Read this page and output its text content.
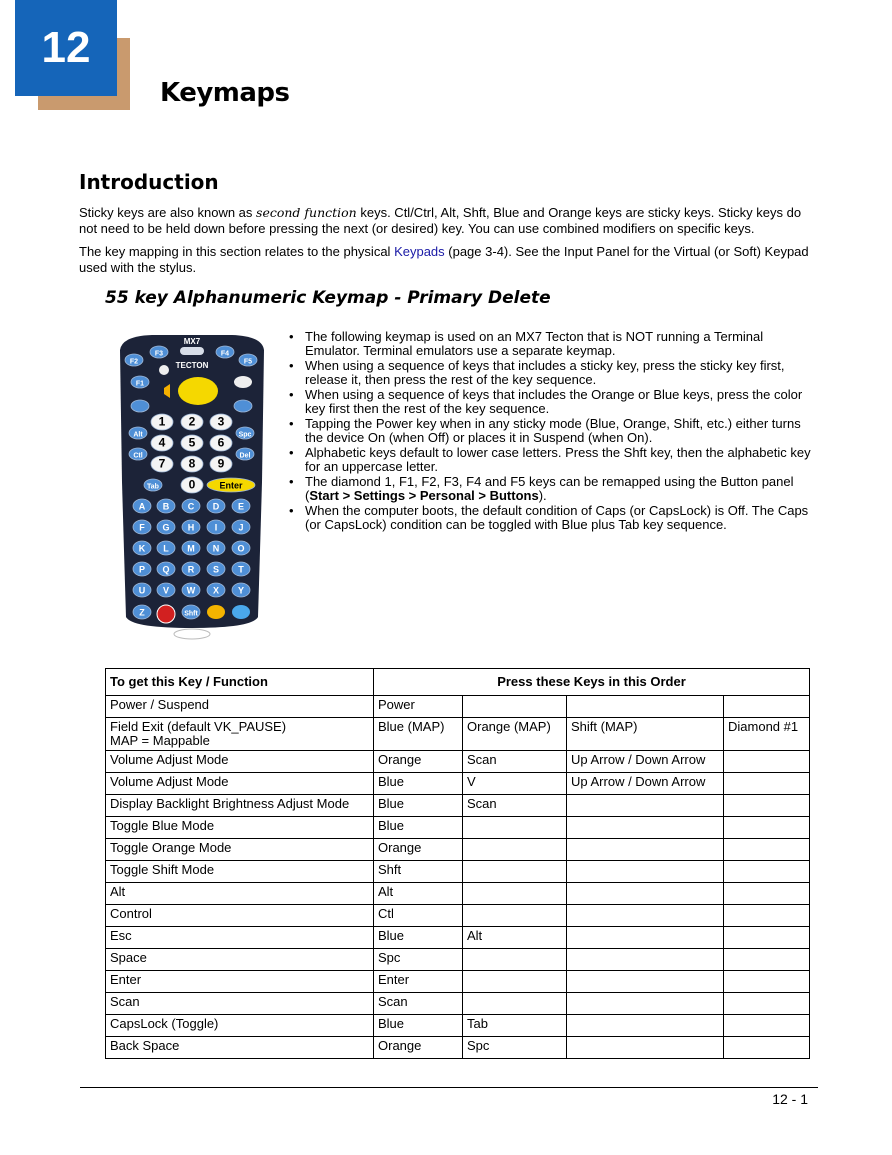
12
Keymaps
Introduction

Sticky keys are also known as second function keys. Ctl/Ctrl, Alt, Shft, Blue and Orange keys are sticky keys. Sticky keys do not need to be held down before pressing the next (or desired) key. You can use combined modifiers on specific keys.

The key mapping in this section relates to the physical Keypads (page 3-4). See the Input Panel for the Virtual (or Soft) Keypad used with the stylus.

55 key Alphanumeric Keymap - Primary Delete
MX7
TECTON
F2
F3	F4
F5
F1
1 2 3
4 5 6
7 8 9
0	Enter
Alt	Spc
Ctl	Del
Tab
A B C D E
F G H I J
K L M N O
P Q R S T
U V W X Y
Z	Shft
• The following keymap is used on an MX7 Tecton that is NOT running a Terminal Emulator. Terminal emulators use a separate keymap.
• When using a sequence of keys that includes a sticky key, press the sticky key first, release it, then press the rest of the key sequence.
• When using a sequence of keys that includes the Orange or Blue keys, press the color key first then the rest of the key sequence.
• Tapping the Power key when in any sticky mode (Blue, Orange, Shift, etc.) either turns the device On (when Off) or places it in Suspend (when On).
• Alphabetic keys default to lower case letters. Press the Shft key, then the alphabetic key for an uppercase letter.
• The diamond 1, F1, F2, F3, F4 and F5 keys can be remapped using the Button panel (Start > Settings > Personal > Buttons).
• When the computer boots, the default condition of Caps (or CapsLock) is Off. The Caps (or CapsLock) condition can be toggled with Blue plus Tab key sequence.
To get this Key / Function	Press these Keys in this Order			
Power / Suspend	Power			
Field Exit (default VK_PAUSE)
MAP = Mappable	Blue (MAP)	Orange (MAP)	Shift (MAP)	Diamond #1
Volume Adjust Mode	Orange	Scan	Up Arrow / Down Arrow	
Volume Adjust Mode	Blue	V	Up Arrow / Down Arrow	
Display Backlight Brightness Adjust Mode	Blue	Scan		
Toggle Blue Mode	Blue			
Toggle Orange Mode	Orange			
Toggle Shift Mode	Shft			
Alt	Alt			
Control	Ctl			
Esc	Blue	Alt		
Space	Spc			
Enter	Enter			
Scan	Scan			
CapsLock (Toggle)	Blue	Tab		
Back Space	Orange	Spc		
12 - 1
